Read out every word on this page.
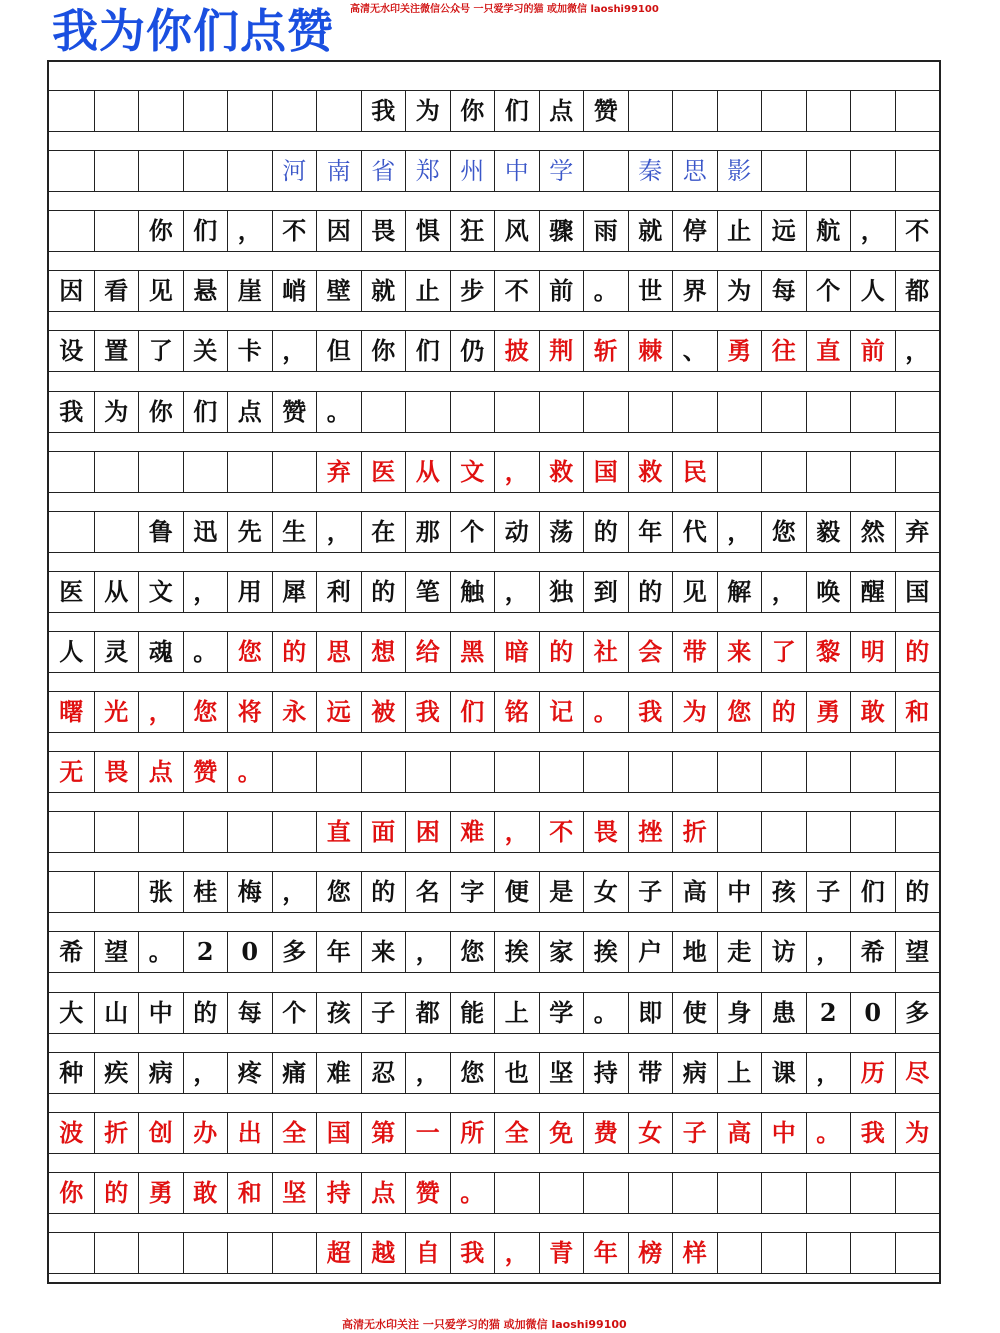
我为你们点赞 高清无水印关注微信公众号 一只爱学习的猫 或加微信 laoshi99100
我 为 你 们 点 赞
河 南 省 郑 州 中 学	秦 思 影
你 们 ， 不 因 畏 惧 狂 风 骤 雨 就 停 止 远 航 ， 不
因 看 见 悬 崖 峭 壁 就 止 步 不 前 。 世 界 为 每 个 人 都
设 置 了 关 卡 ， 但 你 们 仍 披 荆 斩 棘 、 勇 往 直 前 ，
我 为 你 们 点 赞 。
弃 医 从 文 ， 救 国 救 民
鲁 迅 先 生 ， 在 那 个 动 荡 的 年 代 ， 您 毅 然 弃
医 从 文 ， 用 犀 利 的 笔 触 ， 独 到 的 见 解 ， 唤 醒 国
人 灵 魂 。 您 的 思 想 给 黑 暗 的 社 会 带 来 了 黎 明 的
曙 光 ， 您 将 永 远 被 我 们 铭 记 。 我 为 您 的 勇 敢 和
无 畏 点 赞 。
直 面 困 难 ， 不 畏 挫 折
张 桂 梅 ， 您 的 名 字 便 是 女 子 高 中 孩 子 们 的
希 望 。	2	0	多 年 来 ， 您 挨 家 挨 户 地 走 访 ， 希 望
大 山 中 的 每 个 孩 子 都 能 上 学 。 即 使 身 患	2	0	多
种 疾 病 ， 疼 痛 难 忍 ， 您 也 坚 持 带 病 上 课 ， 历 尽
波 折 创 办 出 全 国 第 一 所 全 免 费 女 子 高 中 。 我 为
你 的 勇 敢 和 坚 持 点 赞 。
超 越 自 我 ， 青 年 榜 样
高清无水印关注 一只爱学习的猫 或加微信 laoshi99100
